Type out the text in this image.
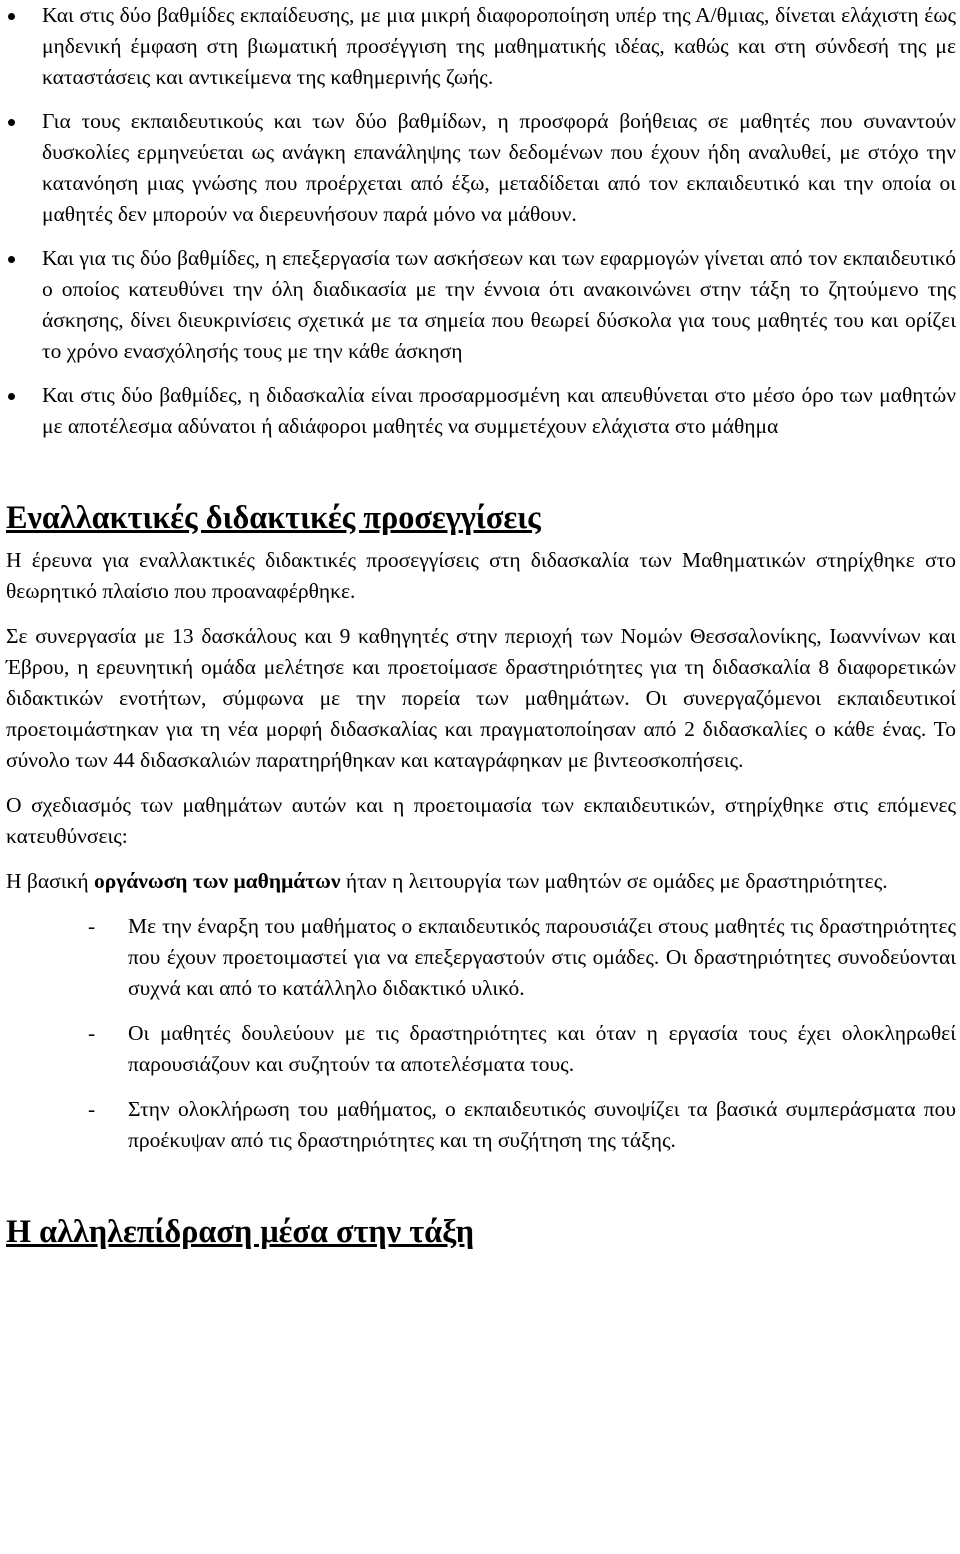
Και στις δύο βαθμίδες εκπαίδευσης, με μια μικρή διαφοροποίηση υπέρ της Α/θμιας, δίνεται ελάχιστη έως μηδενική έμφαση στη βιωματική προσέγγιση της μαθηματικής ιδέας, καθώς και στη σύνδεσή της με καταστάσεις και αντικείμενα της καθημερινής ζωής.
Για τους εκπαιδευτικούς και των δύο βαθμίδων, η προσφορά βοήθειας σε μαθητές που συναντούν δυσκολίες ερμηνεύεται ως ανάγκη επανάληψης των δεδομένων που έχουν ήδη αναλυθεί, με στόχο την κατανόηση μιας γνώσης που προέρχεται από έξω, μεταδίδεται από τον εκπαιδευτικό και την οποία οι μαθητές δεν μπορούν να διερευνήσουν παρά μόνο να μάθουν.
Και για τις δύο βαθμίδες, η επεξεργασία των ασκήσεων και των εφαρμογών γίνεται από τον εκπαιδευτικό ο οποίος κατευθύνει την όλη διαδικασία με την έννοια ότι ανακοινώνει στην τάξη το ζητούμενο της άσκησης, δίνει διευκρινίσεις σχετικά με τα σημεία που θεωρεί δύσκολα για τους μαθητές του και ορίζει το χρόνο ενασχόλησής τους με την κάθε άσκηση
Και στις δύο βαθμίδες, η διδασκαλία είναι προσαρμοσμένη και απευθύνεται στο μέσο όρο των μαθητών με αποτέλεσμα αδύνατοι ή αδιάφοροι μαθητές να συμμετέχουν ελάχιστα στο μάθημα
Εναλλακτικές διδακτικές προσεγγίσεις

Η έρευνα για εναλλακτικές διδακτικές προσεγγίσεις στη διδασκαλία των Μαθηματικών στηρίχθηκε στο θεωρητικό πλαίσιο που προαναφέρθηκε.

Σε συνεργασία με 13 δασκάλους και 9 καθηγητές στην περιοχή των Νομών Θεσσαλονίκης, Ιωαννίνων και Έβρου, η ερευνητική ομάδα μελέτησε και προετοίμασε δραστηριότητες για τη διδασκαλία 8 διαφορετικών διδακτικών ενοτήτων, σύμφωνα με την πορεία των μαθημάτων. Οι συνεργαζόμενοι εκπαιδευτικοί προετοιμάστηκαν για τη νέα μορφή διδασκαλίας και πραγματοποίησαν από 2 διδασκαλίες ο κάθε ένας. Το σύνολο των 44 διδασκαλιών παρατηρήθηκαν και καταγράφηκαν με βιντεοσκοπήσεις.

Ο σχεδιασμός των μαθημάτων αυτών και η προετοιμασία των εκπαιδευτικών, στηρίχθηκε στις επόμενες κατευθύνσεις:

Η βασική οργάνωση των μαθημάτων ήταν η λειτουργία των μαθητών σε ομάδες με δραστηριότητες.

- Με την έναρξη του μαθήματος ο εκπαιδευτικός παρουσιάζει στους μαθητές τις δραστηριότητες που έχουν προετοιμαστεί για να επεξεργαστούν στις ομάδες. Οι δραστηριότητες συνοδεύονται συχνά και από το κατάλληλο διδακτικό υλικό.
- Οι μαθητές δουλεύουν με τις δραστηριότητες και όταν η εργασία τους έχει ολοκληρωθεί παρουσιάζουν και συζητούν τα αποτελέσματα τους.
- Στην ολοκλήρωση του μαθήματος, ο εκπαιδευτικός συνοψίζει τα βασικά συμπεράσματα που προέκυψαν από τις δραστηριότητες και τη συζήτηση της τάξης.
Η αλληλεπίδραση μέσα στην τάξη
